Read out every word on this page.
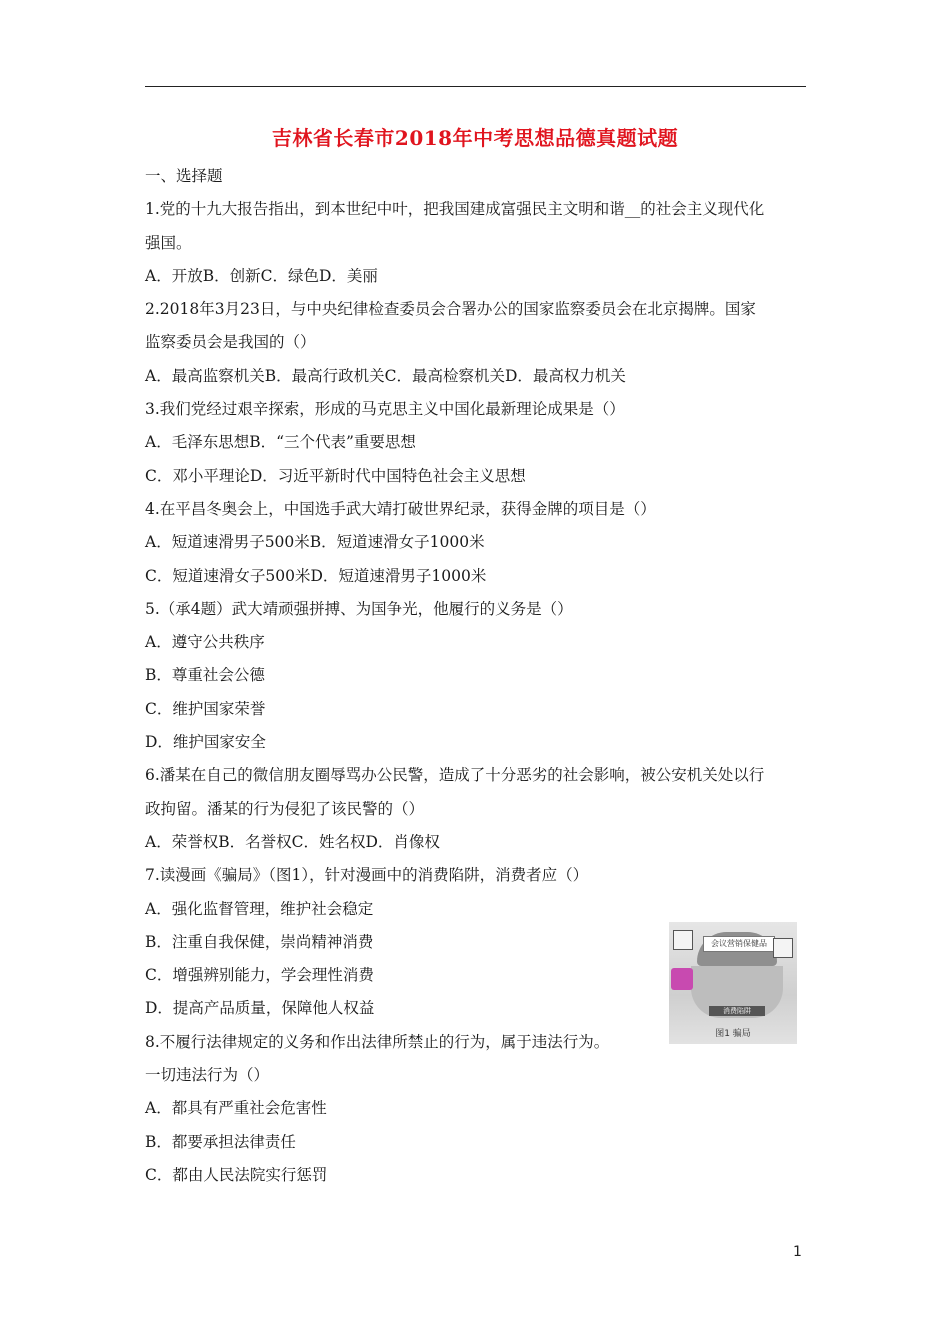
吉林省长春市2018年中考思想品德真题试题
一、选择题
1.党的十九大报告指出，到本世纪中叶，把我国建成富强民主文明和谐__的社会主义现代化
强国。
A．开放B．创新C．绿色D．美丽
2.2018年3月23日，与中央纪律检查委员会合署办公的国家监察委员会在北京揭牌。国家
监察委员会是我国的（）
A．最高监察机关B．最高行政机关C．最高检察机关D．最高权力机关
3.我们党经过艰辛探索，形成的马克思主义中国化最新理论成果是（）
A．毛泽东思想B．“三个代表”重要思想
C．邓小平理论D．习近平新时代中国特色社会主义思想
4.在平昌冬奥会上，中国选手武大靖打破世界纪录，获得金牌的项目是（）
A．短道速滑男子500米B．短道速滑女子1000米
C．短道速滑女子500米D．短道速滑男子1000米
5.（承4题）武大靖顽强拼搏、为国争光，他履行的义务是（）
A．遵守公共秩序
B．尊重社会公德
C．维护国家荣誉
D．维护国家安全
6.潘某在自己的微信朋友圈辱骂办公民警，造成了十分恶劣的社会影响，被公安机关处以行
政拘留。潘某的行为侵犯了该民警的（）
A．荣誉权B．名誉权C．姓名权D．肖像权
7.读漫画《骗局》（图1），针对漫画中的消费陷阱，消费者应（）
A．强化监督管理，维护社会稳定
B．注重自我保健，崇尚精神消费
C．增强辨别能力，学会理性消费
D．提高产品质量，保障他人权益
8.不履行法律规定的义务和作出法律所禁止的行为，属于违法行为。
一切违法行为（）
A．都具有严重社会危害性
B．都要承担法律责任
C．都由人民法院实行惩罚
会议营销保健品
消费陷阱
图1 骗局
1
